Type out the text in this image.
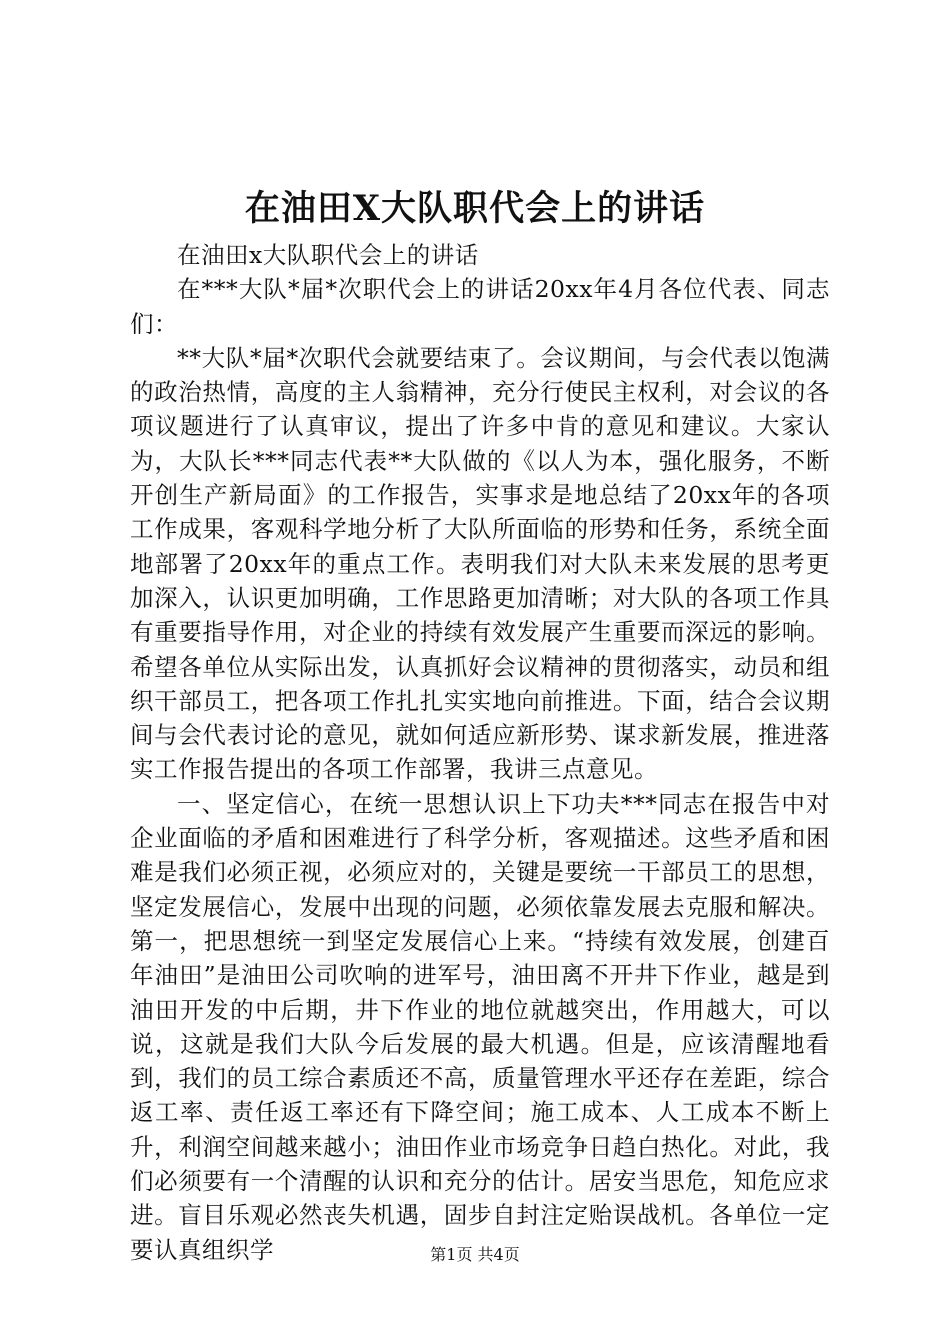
在油田X大队职代会上的讲话

在油田x大队职代会上的讲话

在***大队*届*次职代会上的讲话20xx年4月各位代表、同志们：

**大队*届*次职代会就要结束了。会议期间，与会代表以饱满的政治热情，高度的主人翁精神，充分行使民主权利，对会议的各项议题进行了认真审议，提出了许多中肯的意见和建议。大家认为，大队长***同志代表**大队做的《以人为本，强化服务，不断开创生产新局面》的工作报告，实事求是地总结了20xx年的各项工作成果，客观科学地分析了大队所面临的形势和任务，系统全面地部署了20xx年的重点工作。表明我们对大队未来发展的思考更加深入，认识更加明确，工作思路更加清晰；对大队的各项工作具有重要指导作用，对企业的持续有效发展产生重要而深远的影响。希望各单位从实际出发，认真抓好会议精神的贯彻落实，动员和组织干部员工，把各项工作扎扎实实地向前推进。下面，结合会议期间与会代表讨论的意见，就如何适应新形势、谋求新发展，推进落实工作报告提出的各项工作部署，我讲三点意见。

一、坚定信心，在统一思想认识上下功夫***同志在报告中对企业面临的矛盾和困难进行了科学分析，客观描述。这些矛盾和困难是我们必须正视，必须应对的，关键是要统一干部员工的思想，坚定发展信心，发展中出现的问题，必须依靠发展去克服和解决。第一，把思想统一到坚定发展信心上来。“持续有效发展，创建百年油田”是油田公司吹响的进军号，油田离不开井下作业，越是到油田开发的中后期，井下作业的地位就越突出，作用越大，可以说，这就是我们大队今后发展的最大机遇。但是，应该清醒地看到，我们的员工综合素质还不高，质量管理水平还存在差距，综合返工率、责任返工率还有下降空间；施工成本、人工成本不断上升，利润空间越来越小；油田作业市场竞争日趋白热化。对此，我们必须要有一个清醒的认识和充分的估计。居安当思危，知危应求进。盲目乐观必然丧失机遇，固步自封注定贻误战机。各单位一定要认真组织学	第1页 共4页
